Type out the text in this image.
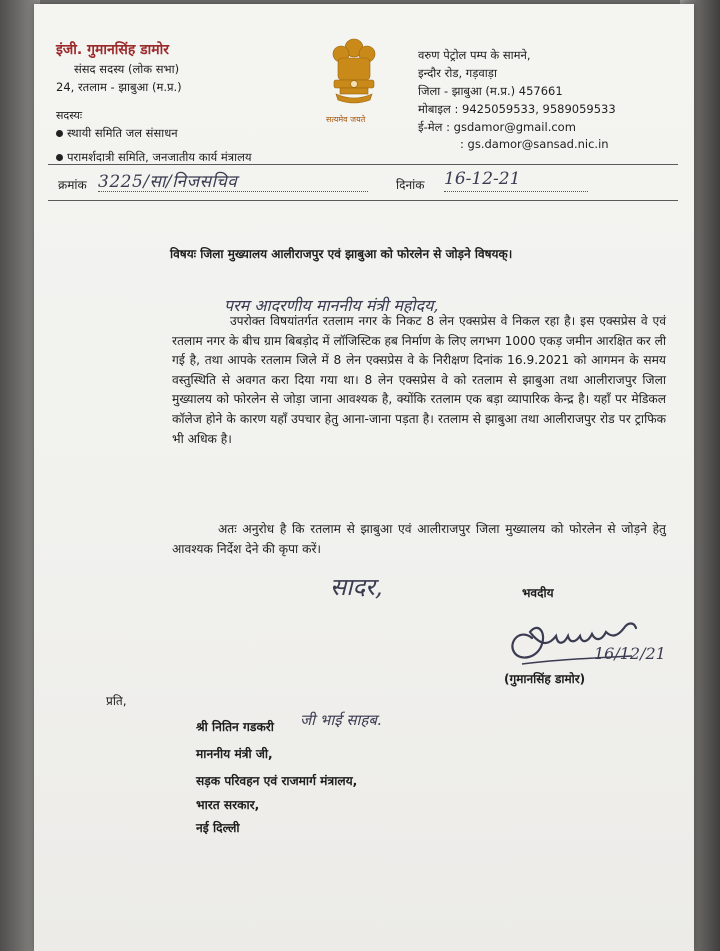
इंजी. गुमानसिंह डामोर
संसद सदस्य (लोक सभा)
24, रतलाम - झाबुआ (म.प्र.)
सदस्यः
स्थायी समिति जल संसाधन
परामर्शदात्री समिति, जनजातीय कार्य मंत्रालय
सत्यमेव जयते
वरुण पेट्रोल पम्प के सामने,
इन्दौर रोड, गड़वाड़ा
जिला - झाबुआ (म.प्र.) 457661
मोबाइल : 9425059533, 9589059533
ई-मेल : gsdamor@gmail.com
: gs.damor@sansad.nic.in
क्रमांक 3225/सा/निजसचिव	दिनांक 16-12-21
विषयः जिला मुख्यालय आलीराजपुर एवं झाबुआ को फोरलेन से जोड़ने विषयक्।
परम आदरणीय माननीय मंत्री महोदय,
उपरोक्त विषयांतर्गत रतलाम नगर के निकट 8 लेन एक्सप्रेस वे निकल रहा है। इस एक्सप्रेस वे एवं रतलाम नगर के बीच ग्राम बिबड़ोद में लॉजिस्टिक हब निर्माण के लिए लगभग 1000 एकड़ जमीन आरक्षित कर ली गई है, तथा आपके रतलाम जिले में 8 लेन एक्सप्रेस वे के निरीक्षण दिनांक 16.9.2021 को आगमन के समय वस्तुस्थिति से अवगत करा दिया गया था। 8 लेन एक्सप्रेस वे को रतलाम से झाबुआ तथा आलीराजपुर जिला मुख्यालय को फोरलेन से जोड़ा जाना आवश्यक है, क्योंकि रतलाम एक बड़ा व्यापारिक केन्द्र है। यहाँ पर मेडिकल कॉलेज होने के कारण यहाँ उपचार हेतु आना-जाना पड़ता है। रतलाम से झाबुआ तथा आलीराजपुर रोड पर ट्राफिक भी अधिक है।
अतः अनुरोध है कि रतलाम से झाबुआ एवं आलीराजपुर जिला मुख्यालय को फोरलेन से जोड़ने हेतु आवश्यक निर्देश देने की कृपा करें।
सादर,	भवदीय
16/12/21
(गुमानसिंह डामोर)
प्रति,
श्री नितिन गडकरी जी भाई साहब.
माननीय मंत्री जी,
सड़क परिवहन एवं राजमार्ग मंत्रालय,
भारत सरकार,
नई दिल्ली
